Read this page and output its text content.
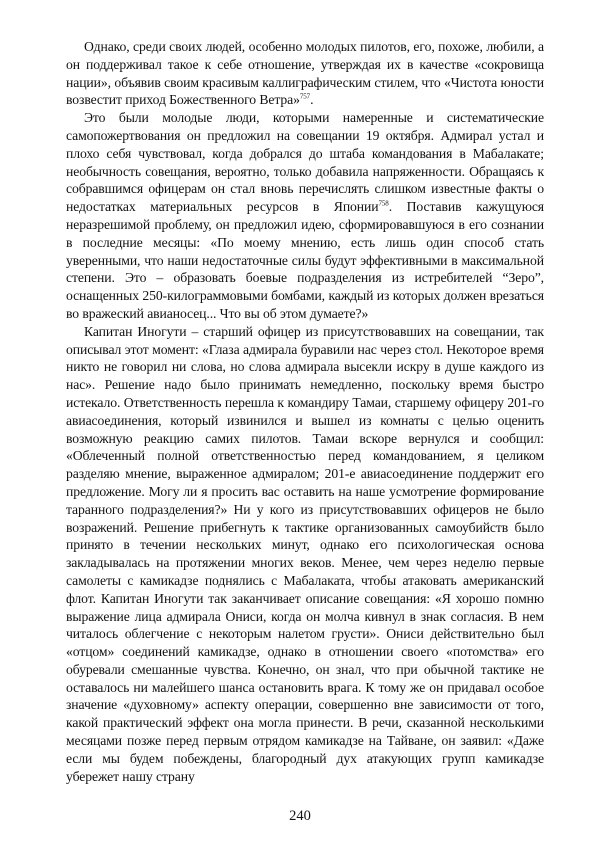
Однако, среди своих людей, особенно молодых пилотов, его, похоже, любили, а он поддерживал такое к себе отношение, утверждая их в качестве «сокровища нации», объявив своим красивым каллиграфическим стилем, что «Чистота юности возвестит приход Божественного Ветра»$^{757}$.

Это были молодые люди, которыми намеренные и систематические самопожертвования он предложил на совещании 19 октября. Адмирал устал и плохо себя чувствовал, когда добрался до штаба командования в Мабалакате; необычность совещания, вероятно, только добавила напряженности. Обращаясь к собравшимся офицерам он стал вновь перечислять слишком известные факты о недостатках материальных ресурсов в Японии$^{758}$. Поставив кажущуюся неразрешимой проблему, он предложил идею, сформировавшуюся в его сознании в последние месяцы: «По моему мнению, есть лишь один способ стать уверенными, что наши недостаточные силы будут эффективными в максимальной степени. Это – образовать боевые подразделения из истребителей “Зеро”, оснащенных 250-килограммовыми бомбами, каждый из которых должен врезаться во вражеский авианосец... Что вы об этом думаете?»

Капитан Иногути – старший офицер из присутствовавших на совещании, так описывал этот момент: «Глаза адмирала буравили нас через стол. Некоторое время никто не говорил ни слова, но слова адмирала высекли искру в душе каждого из нас». Решение надо было принимать немедленно, поскольку время быстро истекало. Ответственность перешла к командиру Тамаи, старшему офицеру 201-го авиасоединения, который извинился и вышел из комнаты с целью оценить возможную реакцию самих пилотов. Тамаи вскоре вернулся и сообщил: «Облеченный полной ответственностью перед командованием, я целиком разделяю мнение, выраженное адмиралом; 201-е авиасоединение поддержит его предложение. Могу ли я просить вас оставить на наше усмотрение формирование таранного подразделения?» Ни у кого из присутствовавших офицеров не было возражений. Решение прибегнуть к тактике организованных самоубийств было принято в течении нескольких минут, однако его психологическая основа закладывалась на протяжении многих веков. Менее, чем через неделю первые самолеты с камикадзе поднялись с Мабалаката, чтобы атаковать американский флот. Капитан Иногути так заканчивает описание совещания: «Я хорошо помню выражение лица адмирала Ониси, когда он молча кивнул в знак согласия. В нем читалось облегчение с некоторым налетом грусти». Ониси действительно был «отцом» соединений камикадзе, однако в отношении своего «потомства» его обуревали смешанные чувства. Конечно, он знал, что при обычной тактике не оставалось ни малейшего шанса остановить врага. К тому же он придавал особое значение «духовному» аспекту операции, совершенно вне зависимости от того, какой практический эффект она могла принести. В речи, сказанной несколькими месяцами позже перед первым отрядом камикадзе на Тайване, он заявил: «Даже если мы будем побеждены, благородный дух атакующих групп камикадзе убережет нашу страну

240
